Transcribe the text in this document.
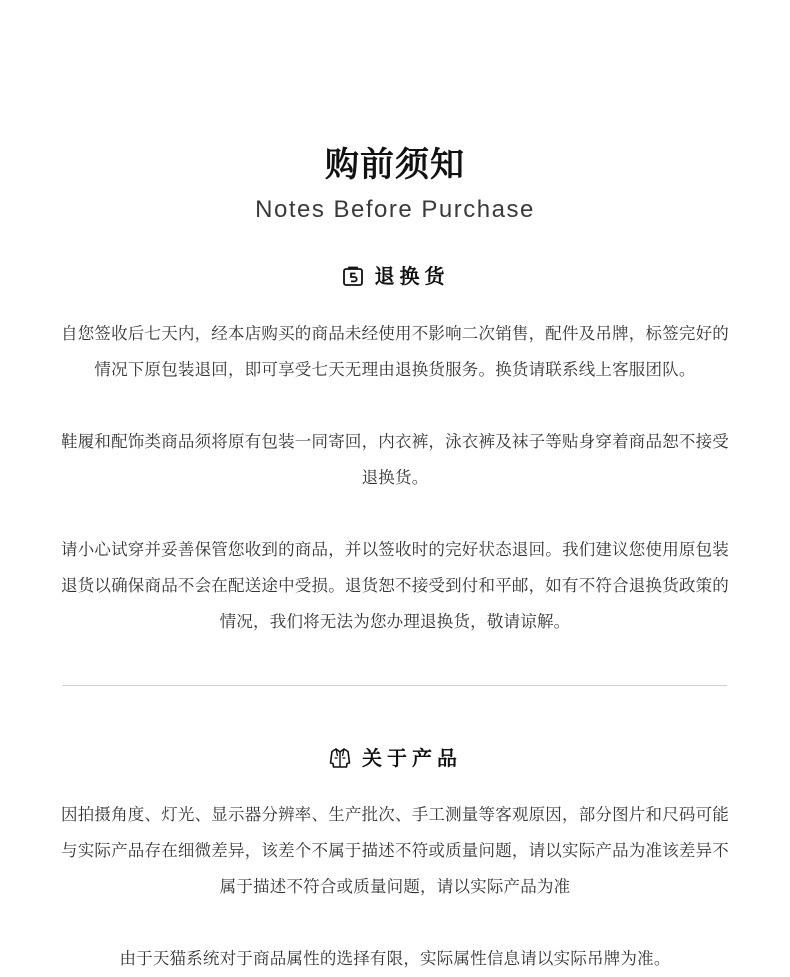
购前须知
Notes Before Purchase
退换货
自您签收后七天内，经本店购买的商品未经使用不影响二次销售，配件及吊牌，标签完好的情况下原包装退回，即可享受七天无理由退换货服务。换货请联系线上客服团队。
鞋履和配饰类商品须将原有包装一同寄回，内衣裤，泳衣裤及袜子等贴身穿着商品恕不接受退换货。
请小心试穿并妥善保管您收到的商品，并以签收时的完好状态退回。我们建议您使用原包装退货以确保商品不会在配送途中受损。退货恕不接受到付和平邮，如有不符合退换货政策的情况，我们将无法为您办理退换货，敬请谅解。
关于产品
因拍摄角度、灯光、显示器分辨率、生产批次、手工测量等客观原因，部分图片和尺码可能与实际产品存在细微差异，该差个不属于描述不符或质量问题，请以实际产品为准该差异不属于描述不符合或质量问题，请以实际产品为准
由于天猫系统对于商品属性的选择有限，实际属性信息请以实际吊牌为准。
